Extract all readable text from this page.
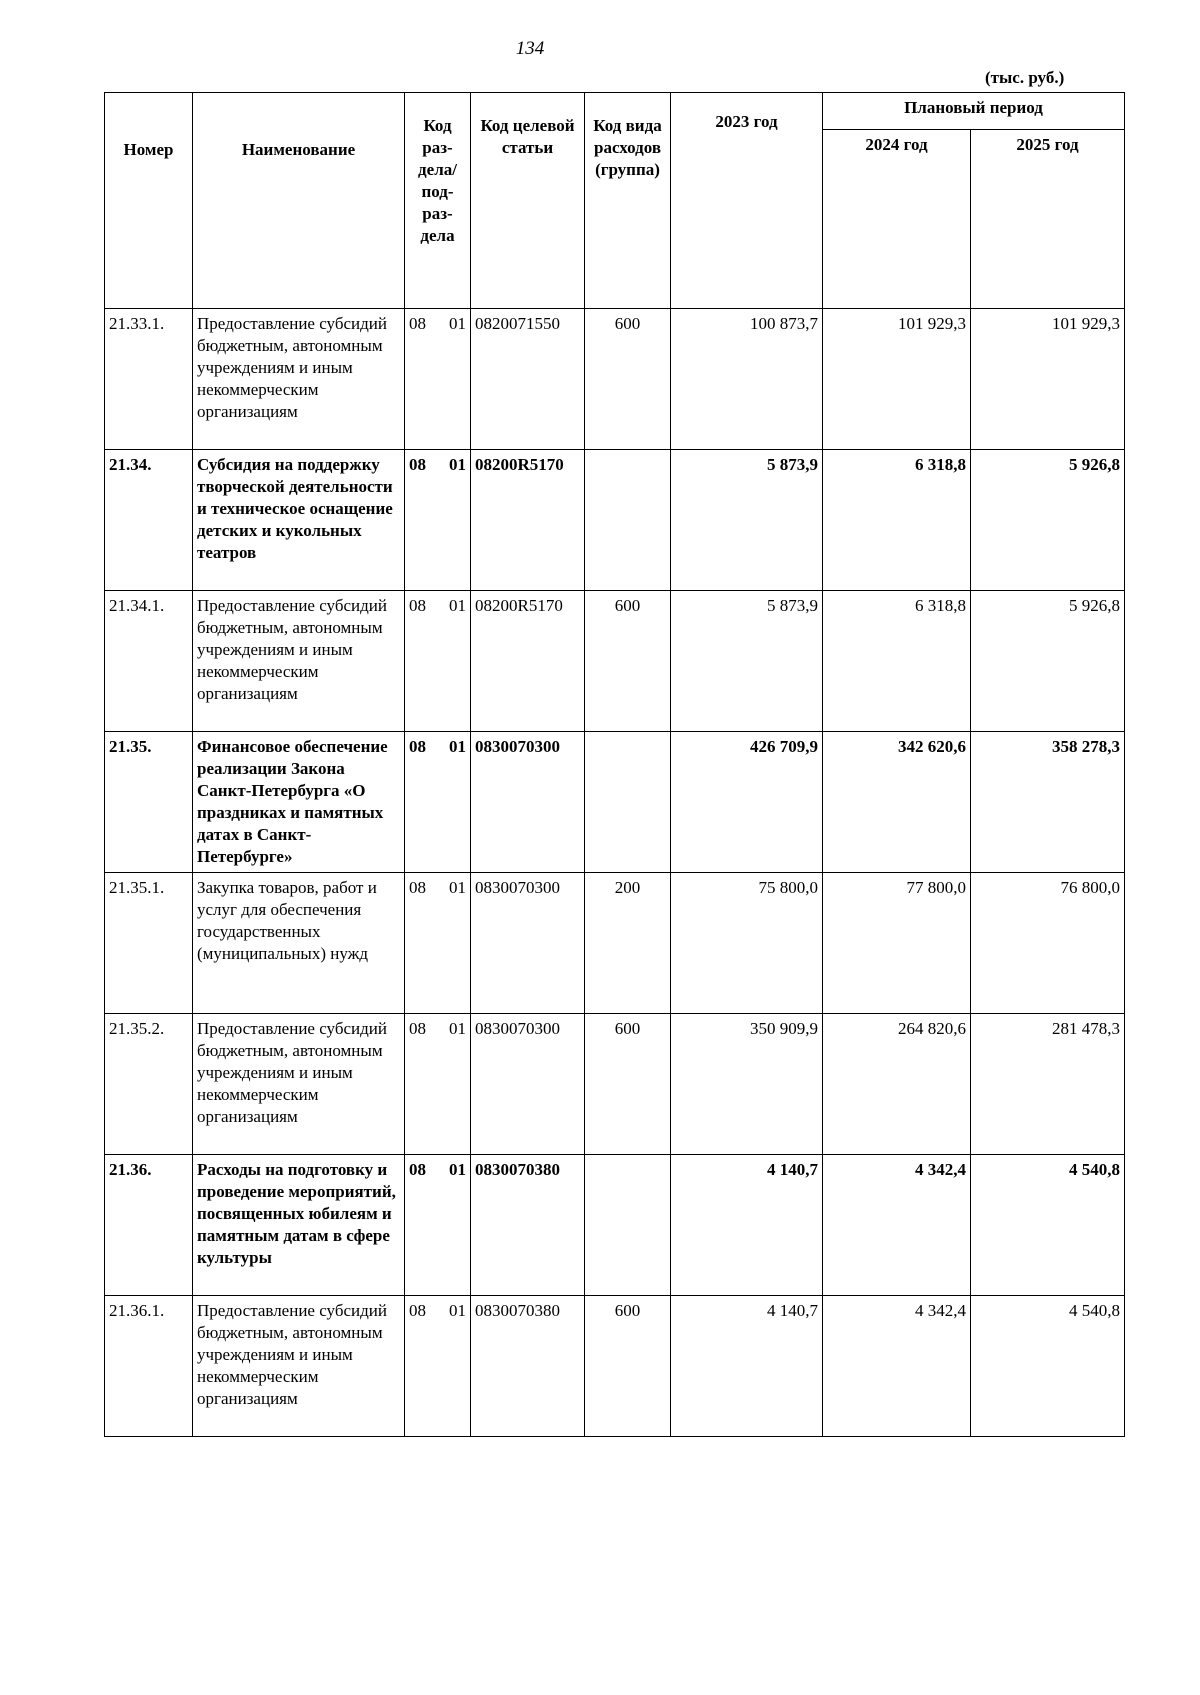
134
(тыс. руб.)
Номер	Наименование	Код раз-дела/ под-раз-дела	Код целевой статьи	Код вида расходов (группа)	2023 год	Плановый период	
						2024 год	2025 год
21.33.1.	Предоставление субсидий бюджетным, автономным учреждениям и иным некоммерческим организациям	08 01	0820071550	600	100 873,7	101 929,3	101 929,3
21.34.	Субсидия на поддержку творческой деятельности и техническое оснащение детских и кукольных театров	08 01	08200R5170		5 873,9	6 318,8	5 926,8
21.34.1.	Предоставление субсидий бюджетным, автономным учреждениям и иным некоммерческим организациям	08 01	08200R5170	600	5 873,9	6 318,8	5 926,8
21.35.	Финансовое обеспечение реализации Закона Санкт-Петербурга «О праздниках и памятных датах в Санкт-Петербурге»	08 01	0830070300		426 709,9	342 620,6	358 278,3
21.35.1.	Закупка товаров, работ и услуг для обеспечения государственных (муниципальных) нужд	08 01	0830070300	200	75 800,0	77 800,0	76 800,0
21.35.2.	Предоставление субсидий бюджетным, автономным учреждениям и иным некоммерческим организациям	08 01	0830070300	600	350 909,9	264 820,6	281 478,3
21.36.	Расходы на подготовку и проведение мероприятий, посвященных юбилеям и памятным датам в сфере культуры	08 01	0830070380		4 140,7	4 342,4	4 540,8
21.36.1.	Предоставление субсидий бюджетным, автономным учреждениям и иным некоммерческим организациям	08 01	0830070380	600	4 140,7	4 342,4	4 540,8
